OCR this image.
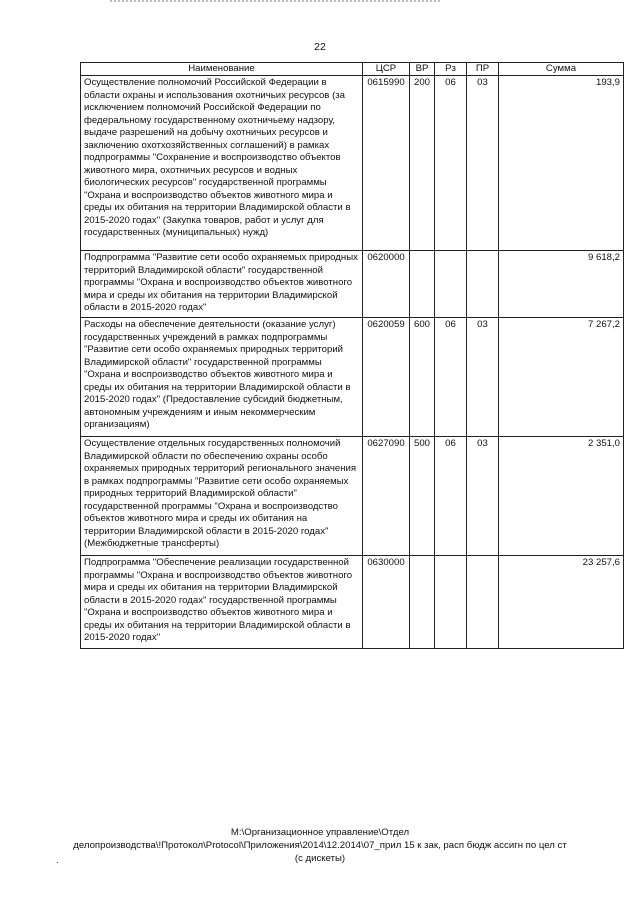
22
Наименование	ЦСР	ВР	Рз	ПР	Сумма
Осуществление полномочий Российской Федерации в области охраны и использования охотничьих ресурсов (за исключением полномочий Российской Федерации по федеральному государственному охотничьему надзору, выдаче разрешений на добычу охотничьих ресурсов и заключению охотхозяйственных соглашений) в рамках подпрограммы "Сохранение и воспроизводство объектов животного мира, охотничьих ресурсов и водных биологических ресурсов" государственной программы "Охрана и воспроизводство объектов животного мира и среды их обитания на территории Владимирской области в 2015-2020 годах" (Закупка товаров, работ и услуг для государственных (муниципальных) нужд)	0615990	200	06	03	193,9
Подпрограмма "Развитие сети особо охраняемых природных территорий Владимирской области" государственной программы "Охрана и воспроизводство объектов животного мира и среды их обитания на территории Владимирской области в 2015-2020 годах"	0620000				9 618,2
Расходы на обеспечение деятельности (оказание услуг) государственных учреждений в рамках подпрограммы "Развитие сети особо охраняемых природных территорий Владимирской области" государственной программы "Охрана и воспроизводство объектов животного мира и среды их обитания на территории Владимирской области в 2015-2020 годах" (Предоставление субсидий бюджетным, автономным учреждениям и иным некоммерческим организациям)	0620059	600	06	03	7 267,2
Осуществление отдельных государственных полномочий Владимирской области по обеспечению охраны особо охраняемых природных территорий регионального значения в рамках подпрограммы "Развитие сети особо охраняемых природных территорий Владимирской области" государственной программы "Охрана и воспроизводство объектов животного мира и среды их обитания на территории Владимирской области в 2015-2020 годах" (Межбюджетные трансферты)	0627090	500	06	03	2 351,0
Подпрограмма "Обеспечение реализации государственной программы "Охрана и воспроизводство объектов животного мира и среды их обитания на территории Владимирской области в 2015-2020 годах" государственной программы "Охрана и воспроизводство объектов животного мира и среды их обитания на территории Владимирской области в 2015-2020 годах"	0630000				23 257,6
М:\Организационное управление\Отдел
делопроизводства\!Протокол\Protocol\Приложения\2014\12.2014\07_прил 15 к зак, расп бюдж ассигн по цел ст
(с дискеты)
·
